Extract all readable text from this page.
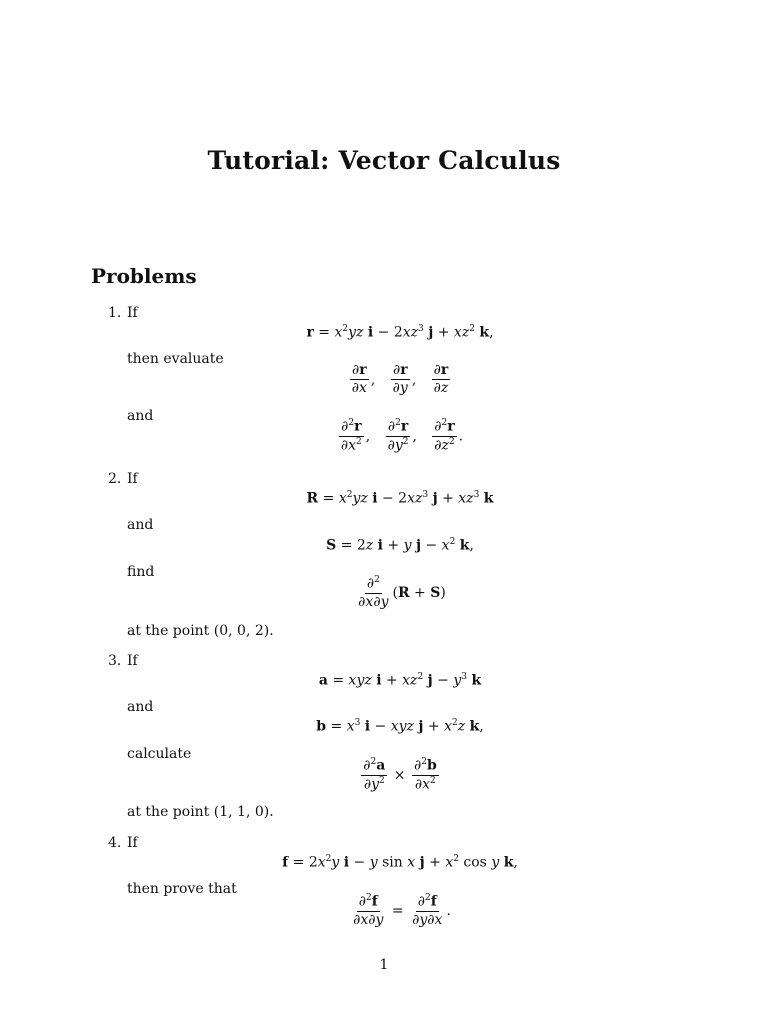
Tutorial: Vector Calculus
Problems
1. If
$r = x^2yz$ $i - 2xz^3$ $j + xz^2$ k,
then evaluate
$\frac{\partial r}{\partial x}$ , $\frac{\partial r}{\partial y}$ , $\frac{\partial r}{\partial z}$
and
$\frac{\partial^2r}{\partial x^2}$ , $\frac{\partial^2r}{\partial y^2}$ , $\frac{\partial^2r}{\partial z^2}$ .
2. If
$R = x^2yz$ $i - 2xz^3$ $j + xz^3$ k
and
S = 2z i + y $j - x^2$ k,
find
$\frac{\partial^2}{\partial x\partial y} (R + S)$
at the point (0, 0, 2).
3. If
a = xyz $i + xz^2$ $j - y^3$ k
and
$b = x^3$ i − xyz $j + x^2z$ k,
calculate
$\frac{\partial^2a}{\partial y^2} \times \frac{\partial^2b}{\partial x^2}$
at the point (1, 1, 0).
4. If
$f = 2x^2y$ i − y sin x $j + x^2$ cos y k,
then prove that
$\frac{\partial^2f}{\partial x\partial y} = \frac{\partial^2f}{\partial y\partial x}$ .
1
